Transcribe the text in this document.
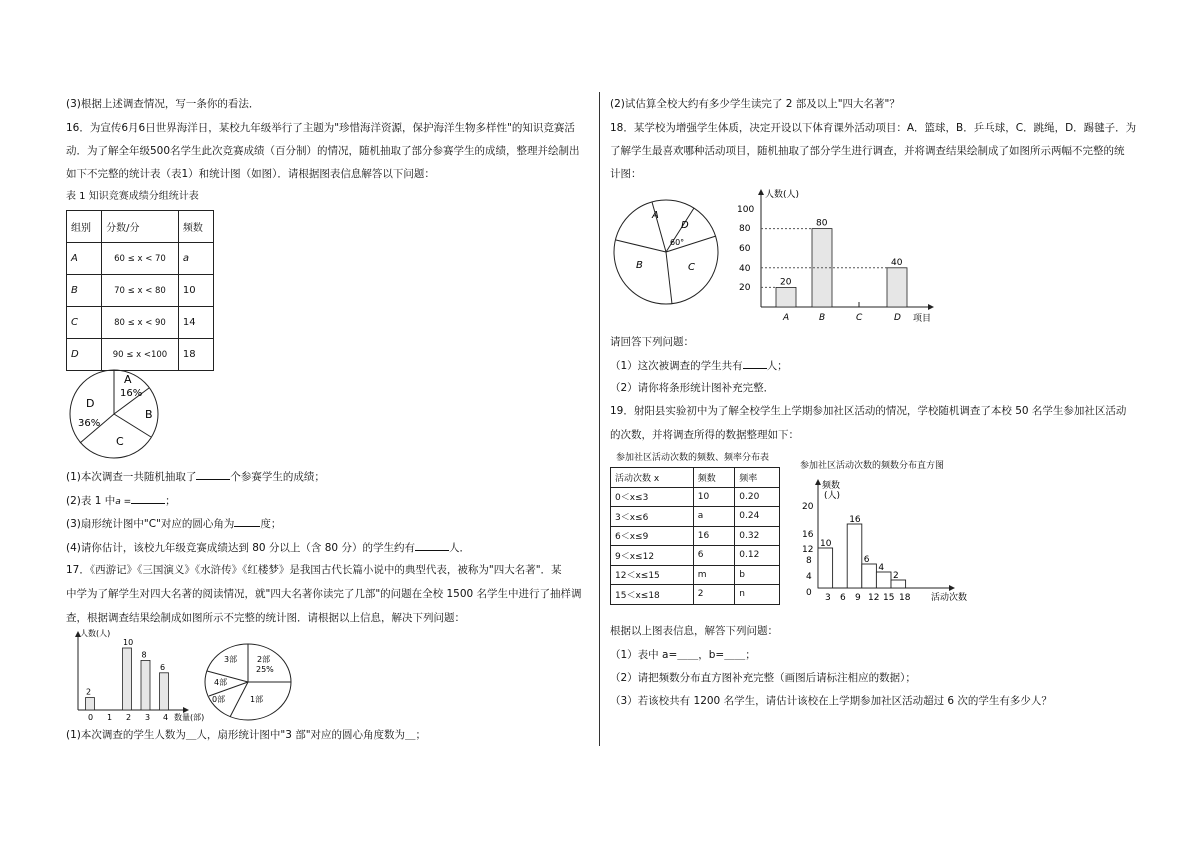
(3)根据上述调查情况，写一条你的看法．
16．为宣传6月6日世界海洋日，某校九年级举行了主题为"珍惜海洋资源，保护海洋生物多样性"的知识竞赛活
动．为了解全年级500名学生此次竞赛成绩（百分制）的情况，随机抽取了部分参赛学生的成绩，整理并绘制出
如下不完整的统计表（表1）和统计图（如图）．请根据图表信息解答以下问题：
表 1 知识竞赛成绩分组统计表
组别	分数/分	频数
A	60 ≤ x < 70	a
B	70 ≤ x < 80	10
C	80 ≤ x < 90	14
D	90 ≤ x <100	18
A
16%
B
C
D
36%
(1)本次调查一共随机抽取了	个参赛学生的成绩；
(2)表 1 中a =	；
(3)扇形统计图中"C"对应的圆心角为 度；
(4)请你估计，该校九年级竞赛成绩达到 80 分以上（含 80 分）的学生约有	人．
17．《西游记》《三国演义》《水浒传》《红楼梦》是我国古代长篇小说中的典型代表，被称为"四大名著"．某
中学为了解学生对四大名著的阅读情况，就"四大名著你读完了几部"的问题在全校 1500 名学生中进行了抽样调
查，根据调查结果绘制成如图所示不完整的统计图．请根据以上信息，解决下列问题：
人数(人)
数量(部)
0 1 2 3 4
2
10
8
6
3部 2部
25%
4部
0部	1部
(1)本次调查的学生人数为＿人，扇形统计图中"3 部"对应的圆心角度数为＿；
(2)试估算全校大约有多少学生读完了 2 部及以上"四大名著"？
18．某学校为增强学生体质，决定开设以下体育课外活动项目：A．篮球，B．乒乓球，C．跳绳，D．踢毽子．为
了解学生最喜欢哪种活动项目，随机抽取了部分学生进行调查，并将调查结果绘制成了如图所示两幅不完整的统
计图：
A
D
60°
B	C
人数(人)
项目
20
40
60
80
100
A
20
B
80
C	D
40
请回答下列问题：
（1）这次被调查的学生共有 人；
（2）请你将条形统计图补充完整．
19．射阳县实验初中为了解全校学生上学期参加社区活动的情况，学校随机调查了本校 50 名学生参加社区活动
的次数，并将调查所得的数据整理如下：
参加社区活动次数的频数、频率分布表
活动次数 x	频数	频率
0＜x≤3	10	0.20
3＜x≤6	a	0.24
6＜x≤9	16	0.32
9＜x≤12	6	0.12
12＜x≤15	m	b
15＜x≤18	2	n
参加社区活动次数的频数分布直方图
频数
(人)
活动次数
0
4
8
12
16
20
3 6 9 12 15 18
10
16
6
4
2
根据以上图表信息，解答下列问题：
（1）表中 a=＿＿，b=＿＿；
（2）请把频数分布直方图补充完整（画图后请标注相应的数据）；
（3）若该校共有 1200 名学生，请估计该校在上学期参加社区活动超过 6 次的学生有多少人？
